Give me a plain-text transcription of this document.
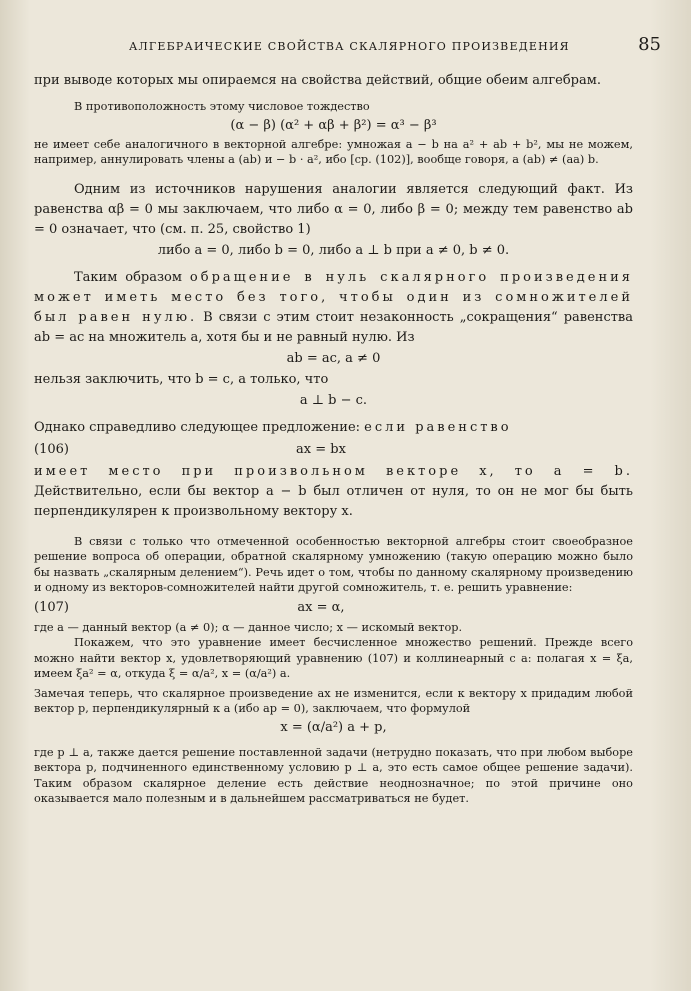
АЛГЕБРАИЧЕСКИЕ СВОЙСТВА СКАЛЯРНОГО ПРОИЗВЕДЕНИЯ	85

при выводе которых мы опираемся на свойства действий, общие обеим алгебрам.

В противоположность этому числовое тождество

(α − β) (α² + αβ + β²) = α³ − β³

не имеет себе аналогичного в векторной алгебре: умножая a − b на a² + ab + b², мы не можем, например, аннулировать члены a (ab) и − b · a², ибо [ср. (102)], вообще говоря, a (ab) ≠ (aa) b.

Одним из источников нарушения аналогии является следующий факт. Из равенства αβ = 0 мы заключаем, что либо α = 0, либо β = 0; между тем равенство ab = 0 означает, что (см. п. 25, свойство 1)

либо a = 0, либо b = 0, либо a ⊥ b при a ≠ 0, b ≠ 0.

Таким образом обращение в нуль скалярного произведения может иметь место без того, чтобы один из сомножителей был равен нулю. В связи с этим стоит незаконность „сокращения“ равенства ab = ac на множитель a, хотя бы и не равный нулю. Из

ab = ac, a ≠ 0

нельзя заключить, что b = c, а только, что

a ⊥ b − c.

Однако справедливо следующее предложение: если равенство

(106)	ax = bx

имеет место при произвольном векторе x, то a = b. Действительно, если бы вектор a − b был отличен от нуля, то он не мог бы быть перпендикулярен к произвольному вектору x.

В связи с только что отмеченной особенностью векторной алгебры стоит своеобразное решение вопроса об операции, обратной скалярному умножению (такую операцию можно было бы назвать „скалярным делением“). Речь идет о том, чтобы по данному скалярному произведению и одному из векторов-сомножителей найти другой сомножитель, т. е. решить уравнение:

(107)	ax = α,

где a — данный вектор (a ≠ 0); α — данное число; x — искомый вектор.

Покажем, что это уравнение имеет бесчисленное множество решений. Прежде всего можно найти вектор x, удовлетворяющий уравнению (107) и коллинеарный с a: полагая x = ξa, имеем ξa² = α, откуда ξ = α/a², x = (α/a²) a.

Замечая теперь, что скалярное произведение ax не изменится, если к вектору x придадим любой вектор p, перпендикулярный к a (ибо ap = 0), заключаем, что формулой

x = (α/a²) a + p,

где p ⊥ a, также дается решение поставленной задачи (нетрудно показать, что при любом выборе вектора p, подчиненного единственному условию p ⊥ a, это есть самое общее решение задачи). Таким образом скалярное деление есть действие неоднозначное; по этой причине оно оказывается мало полезным и в дальнейшем рассматриваться не будет.
